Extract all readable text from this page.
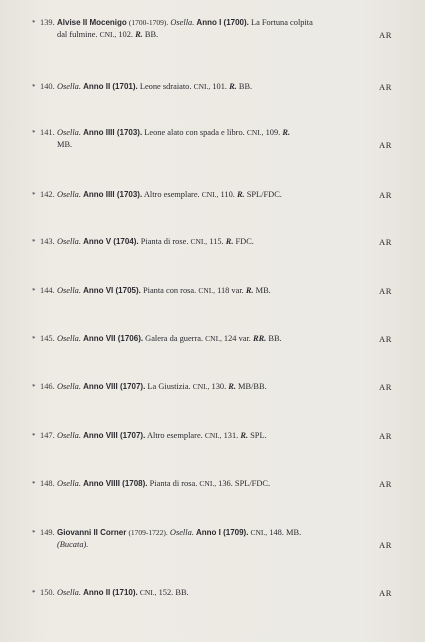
* 139. Alvise II Mocenigo (1700-1709). Osella. Anno I (1700). La Fortuna colpita
dal fulmine. CNI., 102. R. BB.	AR
* 140. Osella. Anno II (1701). Leone sdraiato. CNI., 101. R. BB.	AR
* 141. Osella. Anno IIII (1703). Leone alato con spada e libro. CNI., 109. R.
MB.	AR
* 142. Osella. Anno IIII (1703). Altro esemplare. CNI., 110. R. SPL/FDC.	AR
* 143. Osella. Anno V (1704). Pianta di rose. CNI., 115. R. FDC.	AR
* 144. Osella. Anno VI (1705). Pianta con rosa. CNI., 118 var. R. MB.	AR
* 145. Osella. Anno VII (1706). Galera da guerra. CNI., 124 var. RR. BB.	AR
* 146. Osella. Anno VIII (1707). La Giustizia. CNI., 130. R. MB/BB.	AR
* 147. Osella. Anno VIII (1707). Altro esemplare. CNI., 131. R. SPL.	AR
* 148. Osella. Anno VIIII (1708). Pianta di rosa. CNI., 136. SPL/FDC.	AR
* 149. Giovanni II Corner (1709-1722). Osella. Anno I (1709). CNI., 148. MB.
(Bucata).	AR
* 150. Osella. Anno II (1710). CNI., 152. BB.	AR
